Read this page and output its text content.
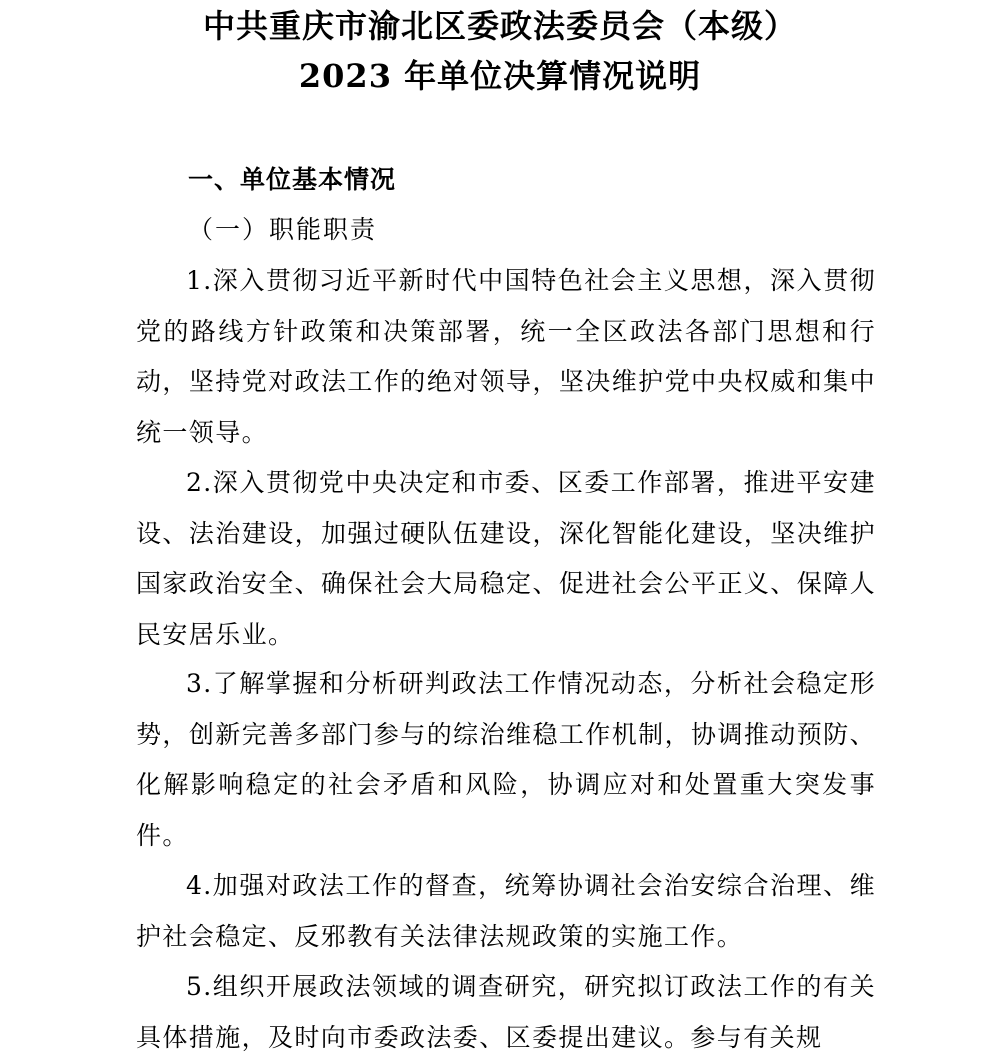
中共重庆市渝北区委政法委员会（本级）
2023 年单位决算情况说明
一、单位基本情况
（一）职能职责

1.深入贯彻习近平新时代中国特色社会主义思想，深入贯彻党的路线方针政策和决策部署，统一全区政法各部门思想和行动，坚持党对政法工作的绝对领导，坚决维护党中央权威和集中统一领导。

2.深入贯彻党中央决定和市委、区委工作部署，推进平安建设、法治建设，加强过硬队伍建设，深化智能化建设，坚决维护国家政治安全、确保社会大局稳定、促进社会公平正义、保障人民安居乐业。

3.了解掌握和分析研判政法工作情况动态，分析社会稳定形势，创新完善多部门参与的综治维稳工作机制，协调推动预防、化解影响稳定的社会矛盾和风险，协调应对和处置重大突发事件。

4.加强对政法工作的督查，统筹协调社会治安综合治理、维护社会稳定、反邪教有关法律法规政策的实施工作。

5.组织开展政法领域的调查研究，研究拟订政法工作的有关具体措施，及时向市委政法委、区委提出建议。参与有关规
